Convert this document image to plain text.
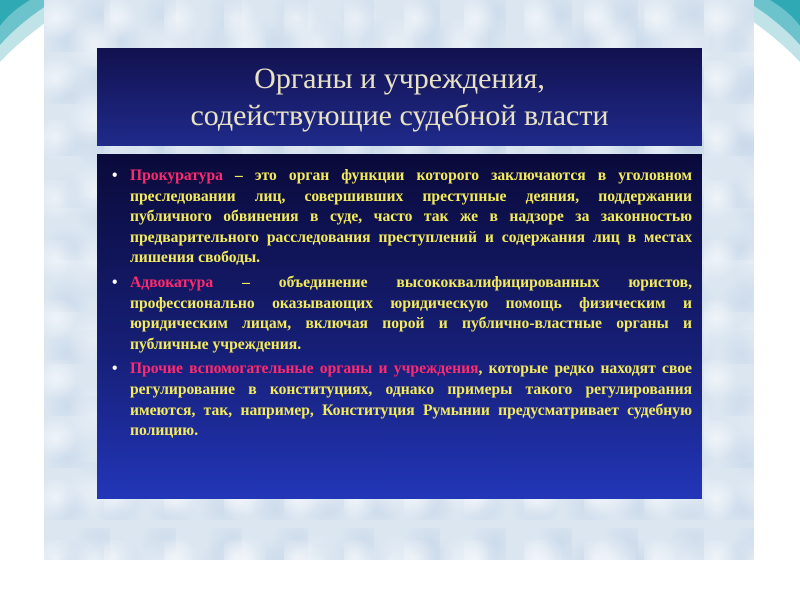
Органы и учреждения,
содействующие судебной власти
• Прокуратура – это орган функции которого заключаются в уголовном преследовании лиц, совершивших преступные деяния, поддержании публичного обвинения в суде, часто так же в надзоре за законностью предварительного расследования преступлений и содержания лиц в местах лишения свободы.
• Адвокатура – объединение высококвалифицированных юристов, профессионально оказывающих юридическую помощь физическим и юридическим лицам, включая порой и публично-властные органы и публичные учреждения.
• Прочие вспомогательные органы и учреждения, которые редко находят свое регулирование в конституциях, однако примеры такого регулирования имеются, так, например, Конституция Румынии предусматривает судебную полицию.
